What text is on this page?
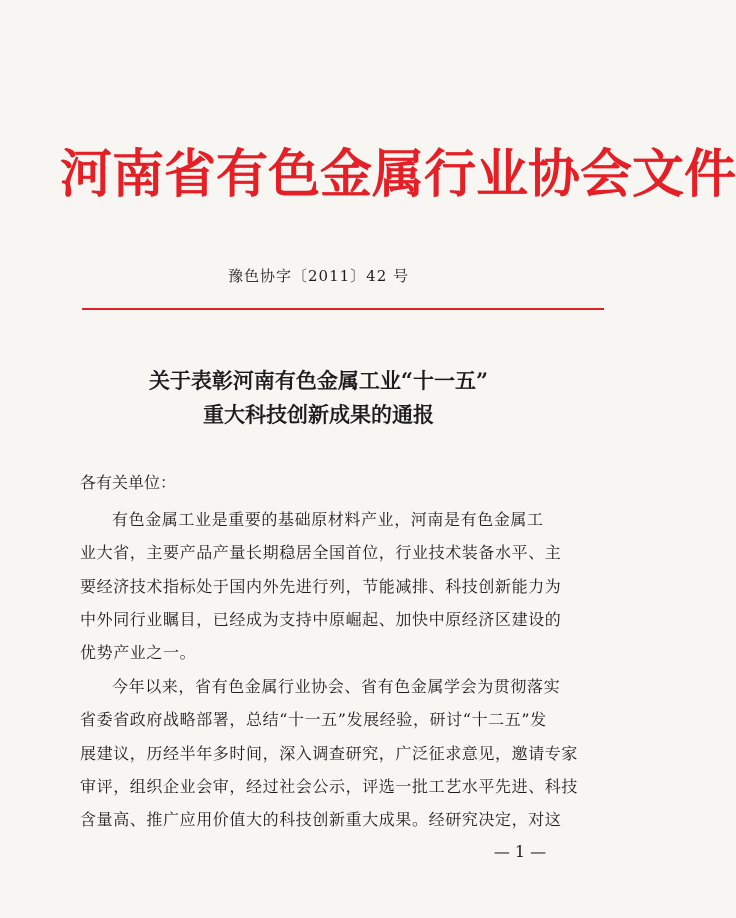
河南省有色金属行业协会文件
豫色协字〔2011〕42 号
关于表彰河南有色金属工业“十一五”
重大科技创新成果的通报
各有关单位：
有色金属工业是重要的基础原材料产业，河南是有色金属工
业大省，主要产品产量长期稳居全国首位，行业技术装备水平、主
要经济技术指标处于国内外先进行列，节能减排、科技创新能力为
中外同行业瞩目，已经成为支持中原崛起、加快中原经济区建设的
优势产业之一。
今年以来，省有色金属行业协会、省有色金属学会为贯彻落实
省委省政府战略部署，总结“十一五”发展经验，研讨“十二五”发
展建议，历经半年多时间，深入调查研究，广泛征求意见，邀请专家
审评，组织企业会审，经过社会公示，评选一批工艺水平先进、科技
含量高、推广应用价值大的科技创新重大成果。经研究决定，对这
— 1 —
